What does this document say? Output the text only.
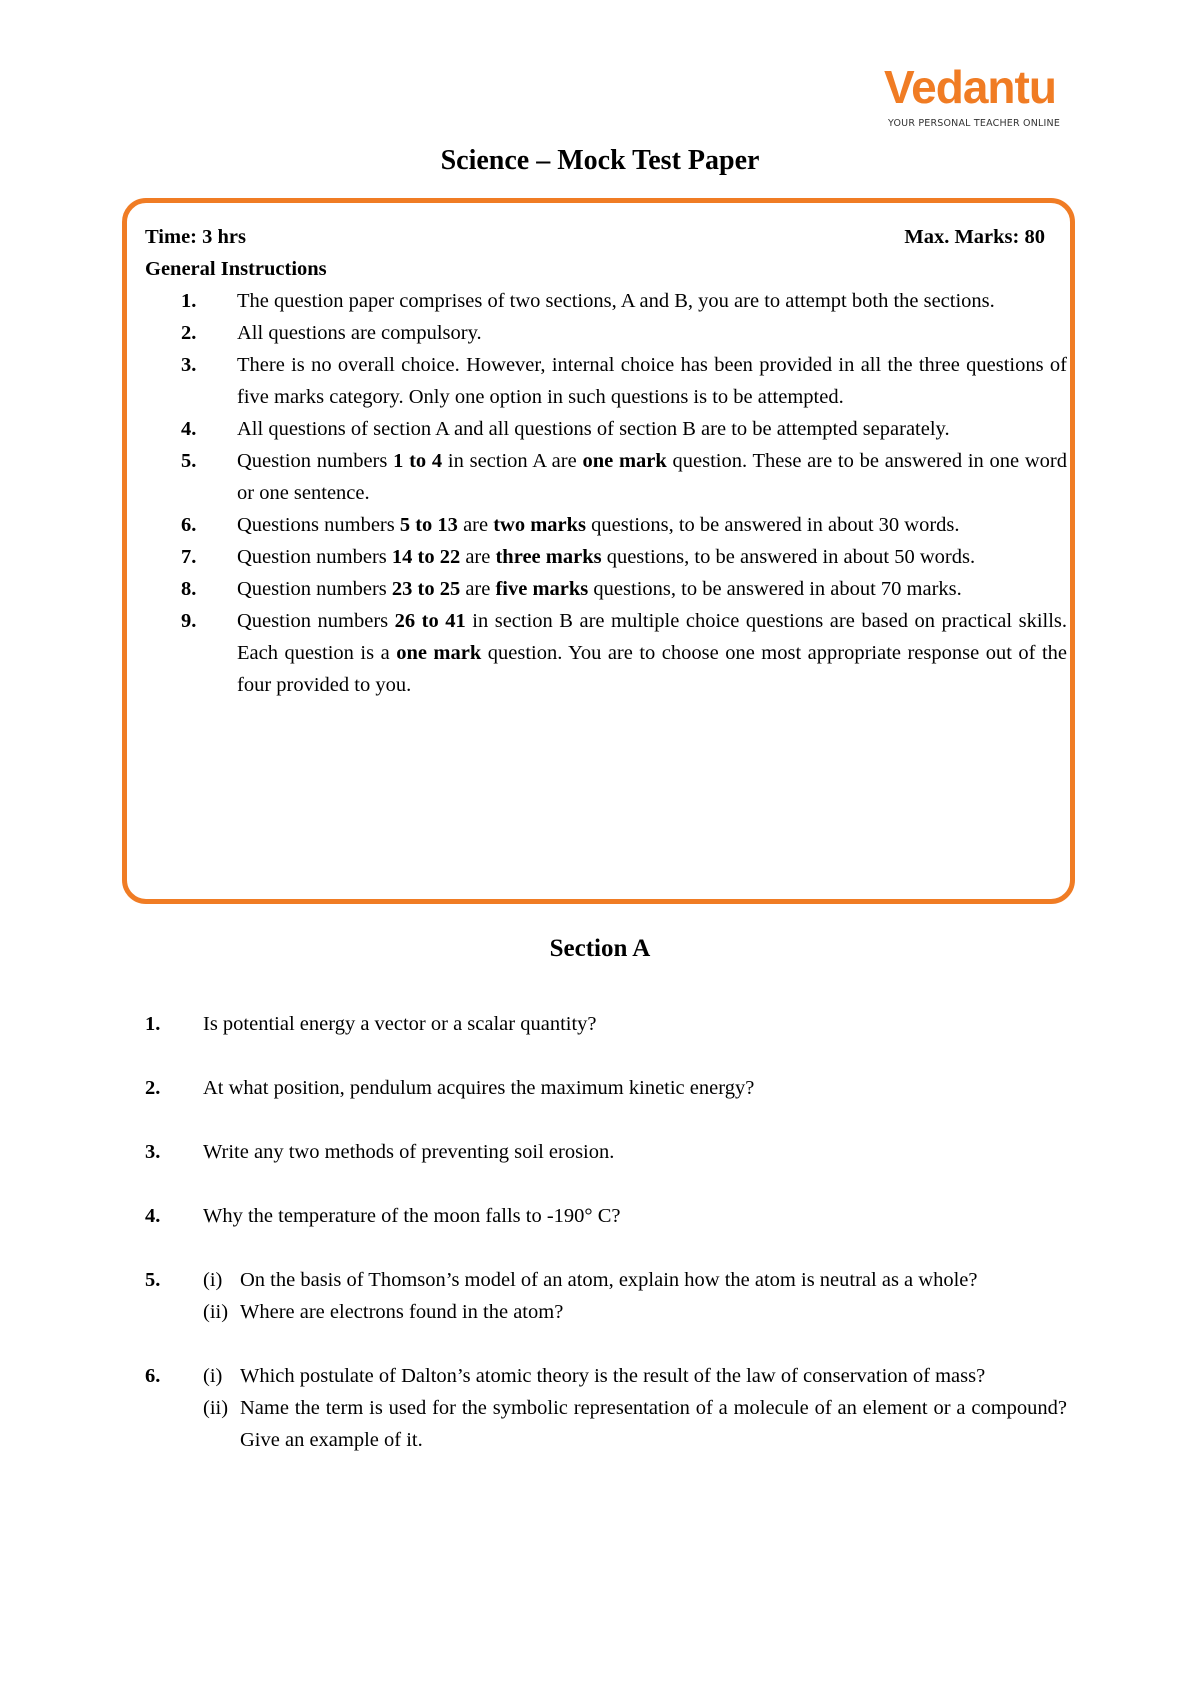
Vedantu
YOUR PERSONAL TEACHER ONLINE
Science – Mock Test Paper
Time: 3 hrs	Max. Marks: 80
General Instructions
1.	The question paper comprises of two sections, A and B, you are to attempt both the sections.
2.	All questions are compulsory.
3.	There is no overall choice. However, internal choice has been provided in all the three questions of five marks category. Only one option in such questions is to be attempted.
4.	All questions of section A and all questions of section B are to be attempted separately.
5.	Question numbers 1 to 4 in section A are one mark question. These are to be answered in one word or one sentence.
6.	Questions numbers 5 to 13 are two marks questions, to be answered in about 30 words.
7.	Question numbers 14 to 22 are three marks questions, to be answered in about 50 words.
8.	Question numbers 23 to 25 are five marks questions, to be answered in about 70 marks.
9.	Question numbers 26 to 41 in section B are multiple choice questions are based on practical skills. Each question is a one mark question. You are to choose one most appropriate response out of the four provided to you.
Section A
1.	Is potential energy a vector or a scalar quantity?
2.	At what position, pendulum acquires the maximum kinetic energy?
3.	Write any two methods of preventing soil erosion.
4.	Why the temperature of the moon falls to -190° C?
5.	(i) On the basis of Thomson’s model of an atom, explain how the atom is neutral as a whole?
(ii) Where are electrons found in the atom?
6.	(i) Which postulate of Dalton’s atomic theory is the result of the law of conservation of mass?
(ii) Name the term is used for the symbolic representation of a molecule of an element or a compound? Give an example of it.
